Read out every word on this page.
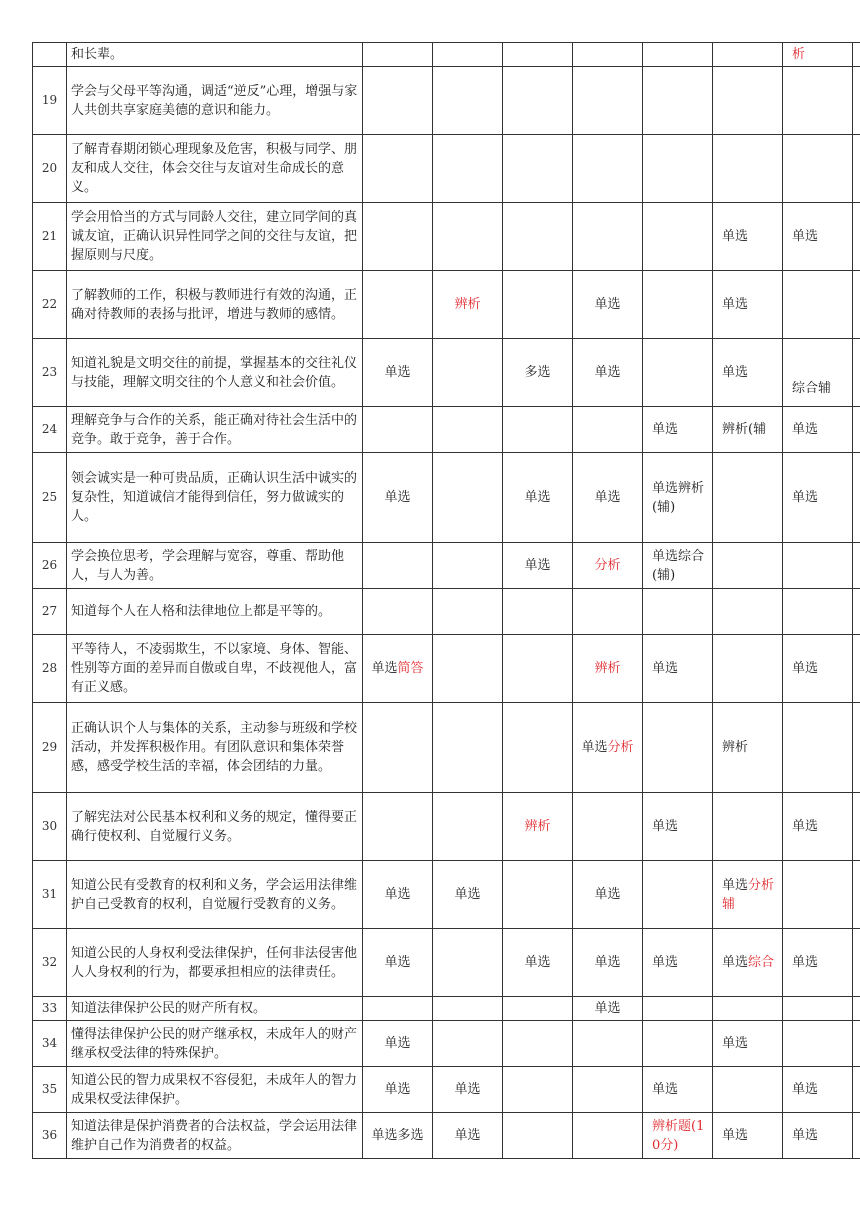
	和长辈。							析	
19	学会与父母平等沟通，调适“逆反”心理，增强与家人共创共享家庭美德的意识和能力。								
20	了解青春期闭锁心理现象及危害，积极与同学、朋友和成人交往，体会交往与友谊对生命成长的意义。								
21	学会用恰当的方式与同龄人交往，建立同学间的真诚友谊，正确认识异性同学之间的交往与友谊，把握原则与尺度。						单选	单选	
22	了解教师的工作，积极与教师进行有效的沟通，正确对待教师的表扬与批评，增进与教师的感情。		辨析		单选		单选		
23	知道礼貌是文明交往的前提，掌握基本的交往礼仪与技能，理解文明交往的个人意义和社会价值。	单选		多选	单选		单选	综合辅	
24	理解竞争与合作的关系，能正确对待社会生活中的竞争。敢于竞争，善于合作。					单选	辨析(辅	单选	
25	领会诚实是一种可贵品质，正确认识生活中诚实的复杂性，知道诚信才能得到信任，努力做诚实的人。	单选		单选	单选	单选辨析(辅)		单选	
26	学会换位思考，学会理解与宽容，尊重、帮助他人，与人为善。			单选	分析	单选综合(辅)			
27	知道每个人在人格和法律地位上都是平等的。								
28	平等待人，不凌弱欺生，不以家境、身体、智能、性别等方面的差异而自傲或自卑，不歧视他人，富有正义感。	单选简答			辨析	单选		单选	
29	正确认识个人与集体的关系，主动参与班级和学校活动，并发挥积极作用。有团队意识和集体荣誉感，感受学校生活的幸福，体会团结的力量。				单选分析		辨析		
30	了解宪法对公民基本权利和义务的规定，懂得要正确行使权利、自觉履行义务。			辨析		单选		单选	
31	知道公民有受教育的权利和义务，学会运用法律维护自己受教育的权利，自觉履行受教育的义务。	单选	单选		单选		单选分析辅		
32	知道公民的人身权利受法律保护，任何非法侵害他人人身权利的行为，都要承担相应的法律责任。	单选		单选	单选	单选	单选综合	单选	
33	知道法律保护公民的财产所有权。				单选				
34	懂得法律保护公民的财产继承权，未成年人的财产继承权受法律的特殊保护。	单选					单选		
35	知道公民的智力成果权不容侵犯，未成年人的智力成果权受法律保护。	单选	单选			单选		单选	
36	知道法律是保护消费者的合法权益，学会运用法律维护自己作为消费者的权益。	单选多选	单选			辨析题(10分)	单选	单选	
